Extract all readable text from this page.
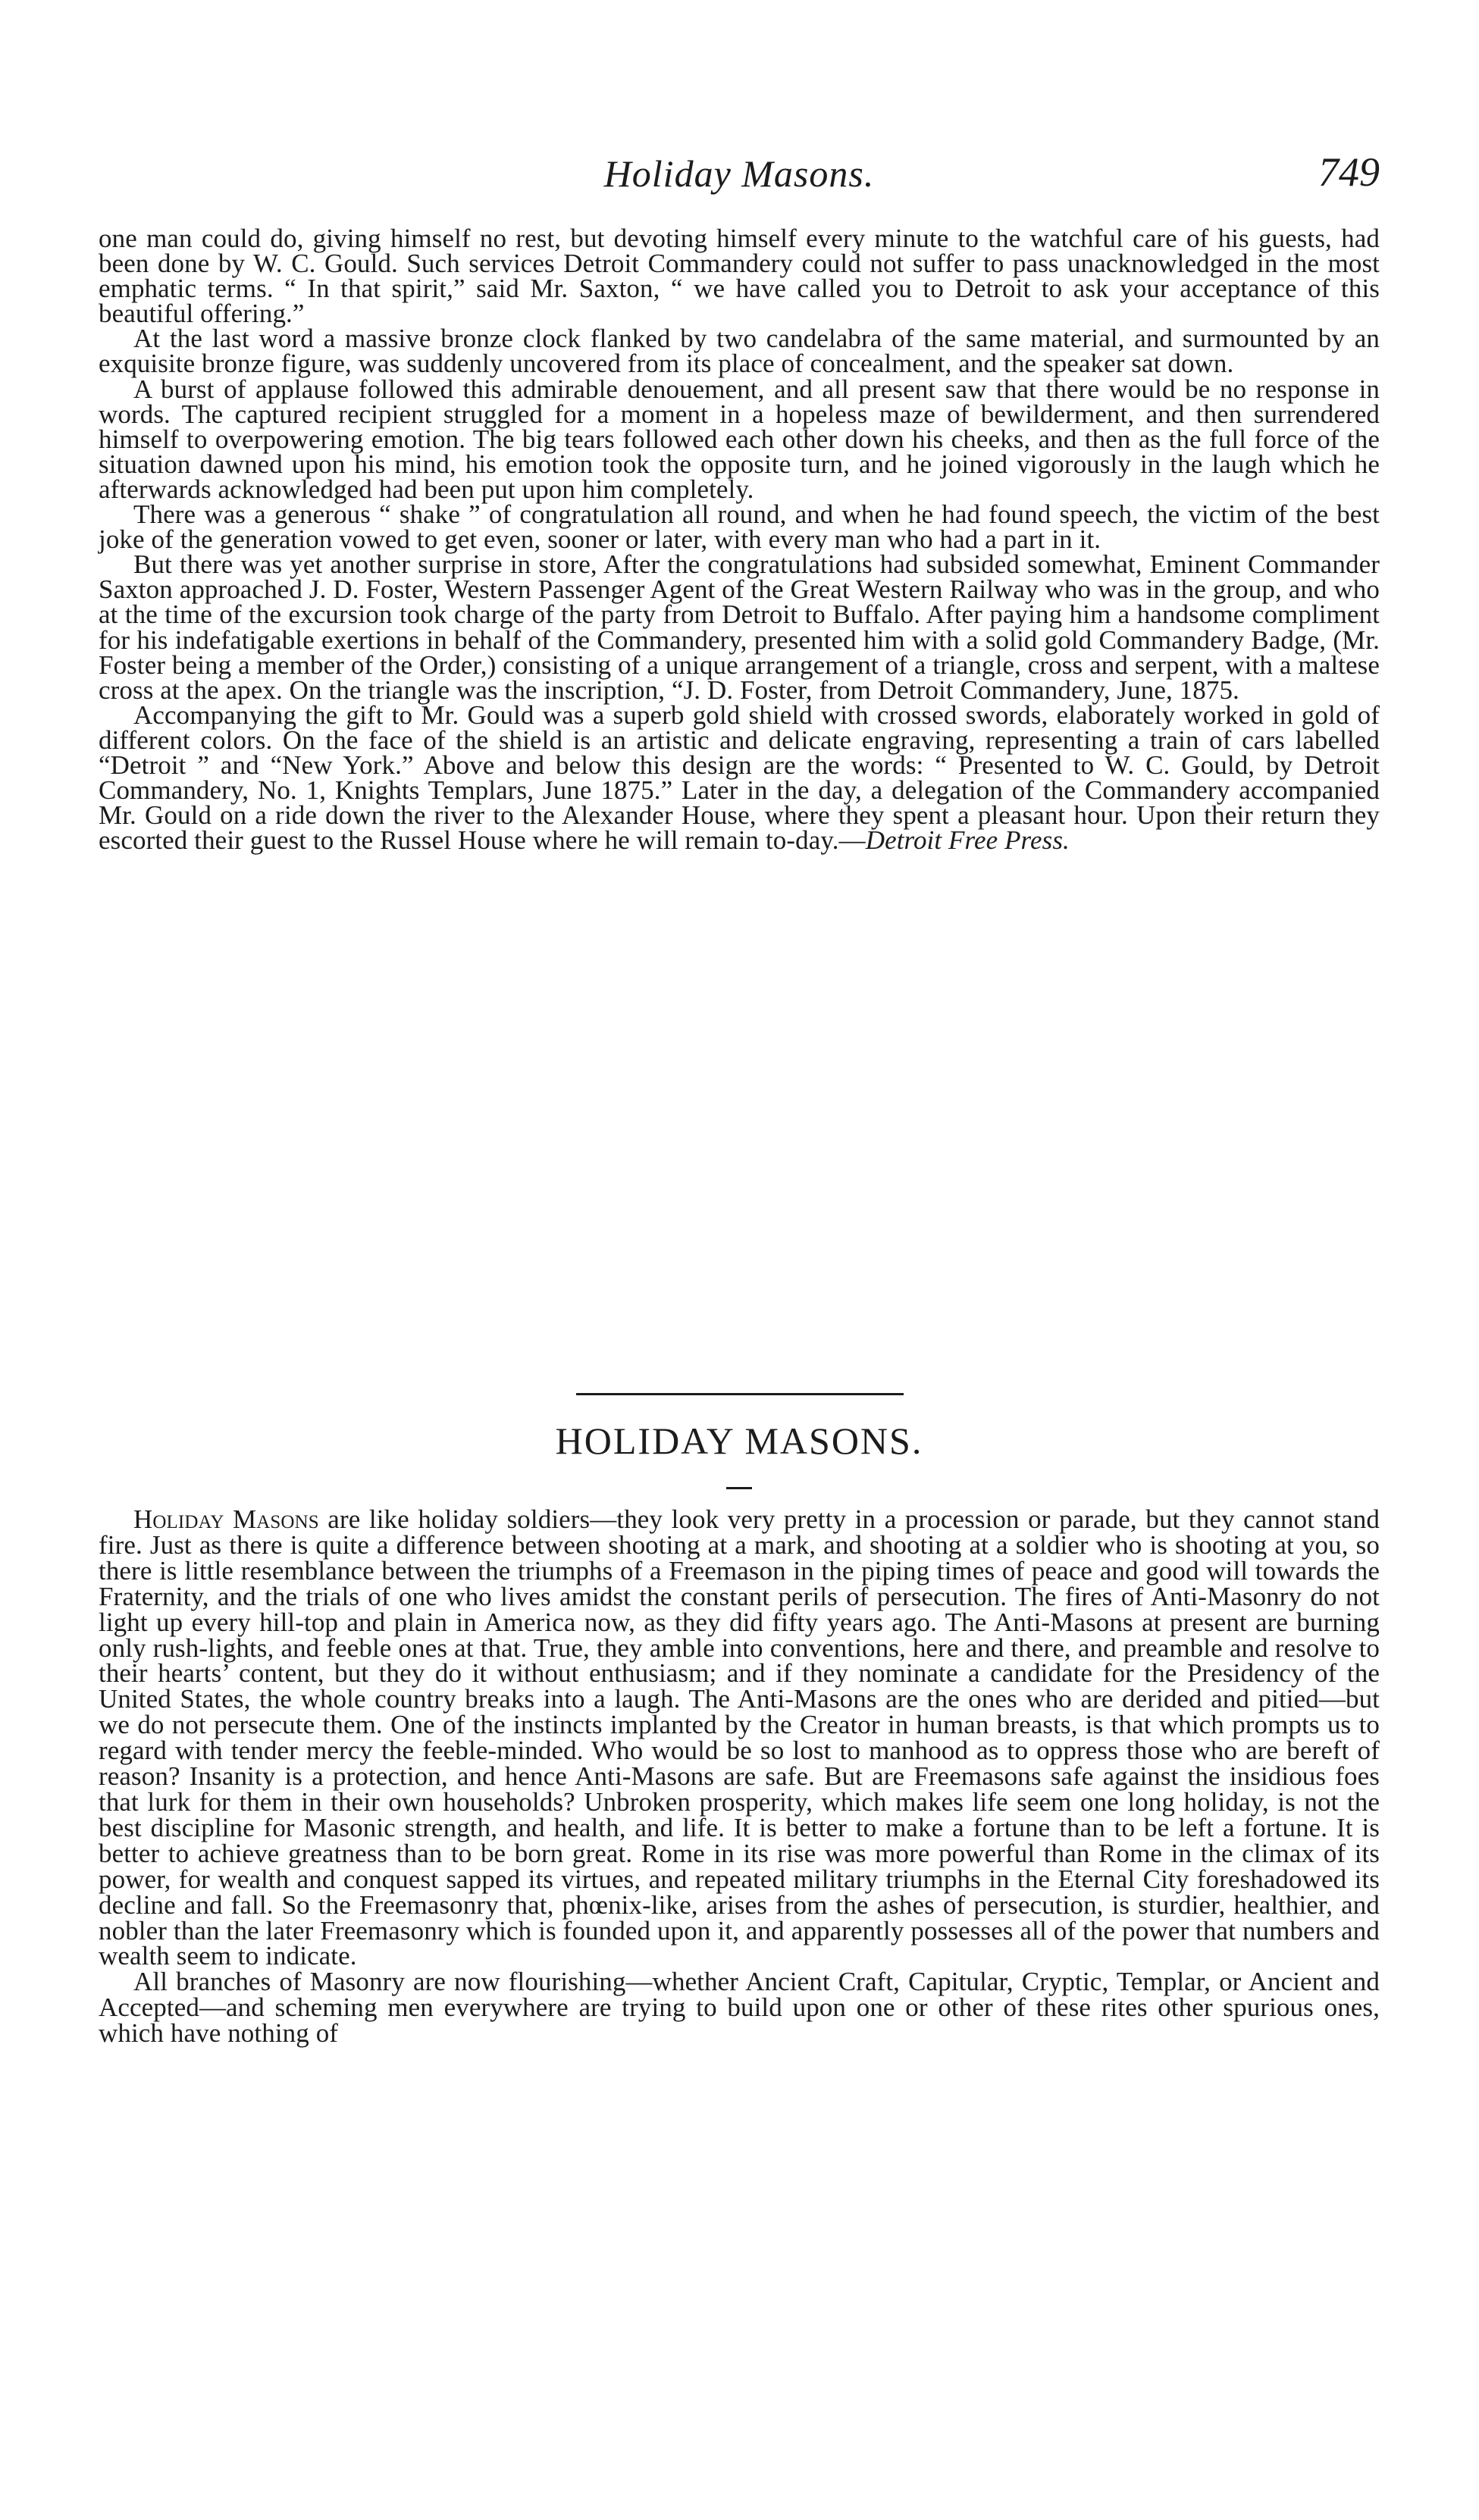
Holiday Masons.	749

one man could do, giving himself no rest, but devoting himself every minute to the watchful care of his guests, had been done by W. C. Gould. Such services Detroit Commandery could not suffer to pass unacknowledged in the most emphatic terms. “ In that spirit,” said Mr. Saxton, “ we have called you to Detroit to ask your acceptance of this beautiful offering.”

At the last word a massive bronze clock flanked by two candelabra of the same material, and surmounted by an exquisite bronze figure, was suddenly uncovered from its place of concealment, and the speaker sat down.

A burst of applause followed this admirable denouement, and all present saw that there would be no response in words. The captured recipient struggled for a moment in a hopeless maze of bewilderment, and then surrendered himself to overpowering emotion. The big tears followed each other down his cheeks, and then as the full force of the situation dawned upon his mind, his emotion took the opposite turn, and he joined vigorously in the laugh which he afterwards acknowledged had been put upon him completely.

There was a generous “ shake ” of congratulation all round, and when he had found speech, the victim of the best joke of the generation vowed to get even, sooner or later, with every man who had a part in it.

But there was yet another surprise in store, After the congratulations had subsided somewhat, Eminent Commander Saxton approached J. D. Foster, Western Passenger Agent of the Great Western Railway who was in the group, and who at the time of the excursion took charge of the party from Detroit to Buffalo. After paying him a handsome compliment for his indefatigable exertions in behalf of the Commandery, presented him with a solid gold Commandery Badge, (Mr. Foster being a member of the Order,) consisting of a unique arrangement of a triangle, cross and serpent, with a maltese cross at the apex. On the triangle was the inscription, “J. D. Foster, from Detroit Commandery, June, 1875.

Accompanying the gift to Mr. Gould was a superb gold shield with crossed swords, elaborately worked in gold of different colors. On the face of the shield is an artistic and delicate engraving, representing a train of cars labelled “Detroit ” and “New York.” Above and below this design are the words: “ Presented to W. C. Gould, by Detroit Commandery, No. 1, Knights Templars, June 1875.” Later in the day, a delegation of the Commandery accompanied Mr. Gould on a ride down the river to the Alexander House, where they spent a pleasant hour. Upon their return they escorted their guest to the Russel House where he will remain to-day.—Detroit Free Press.

HOLIDAY MASONS.

Holiday Masons are like holiday soldiers—they look very pretty in a procession or parade, but they cannot stand fire. Just as there is quite a difference between shooting at a mark, and shooting at a soldier who is shooting at you, so there is little resemblance between the triumphs of a Freemason in the piping times of peace and good will towards the Fraternity, and the trials of one who lives amidst the constant perils of persecution. The fires of Anti-Masonry do not light up every hill-top and plain in America now, as they did fifty years ago. The Anti-Masons at present are burning only rush-lights, and feeble ones at that. True, they amble into conventions, here and there, and preamble and resolve to their hearts’ content, but they do it without enthusiasm; and if they nominate a candidate for the Presidency of the United States, the whole country breaks into a laugh. The Anti-Masons are the ones who are derided and pitied—but we do not persecute them. One of the instincts implanted by the Creator in human breasts, is that which prompts us to regard with tender mercy the feeble-minded. Who would be so lost to manhood as to oppress those who are bereft of reason? Insanity is a protection, and hence Anti-Masons are safe. But are Freemasons safe against the insidious foes that lurk for them in their own households? Unbroken prosperity, which makes life seem one long holiday, is not the best discipline for Masonic strength, and health, and life. It is better to make a fortune than to be left a fortune. It is better to achieve greatness than to be born great. Rome in its rise was more powerful than Rome in the climax of its power, for wealth and conquest sapped its virtues, and repeated military triumphs in the Eternal City foreshadowed its decline and fall. So the Freemasonry that, phœnix-like, arises from the ashes of persecution, is sturdier, healthier, and nobler than the later Freemasonry which is founded upon it, and apparently possesses all of the power that numbers and wealth seem to indicate.

All branches of Masonry are now flourishing—whether Ancient Craft, Capitular, Cryptic, Templar, or Ancient and Accepted—and scheming men everywhere are trying to build upon one or other of these rites other spurious ones, which have nothing of
